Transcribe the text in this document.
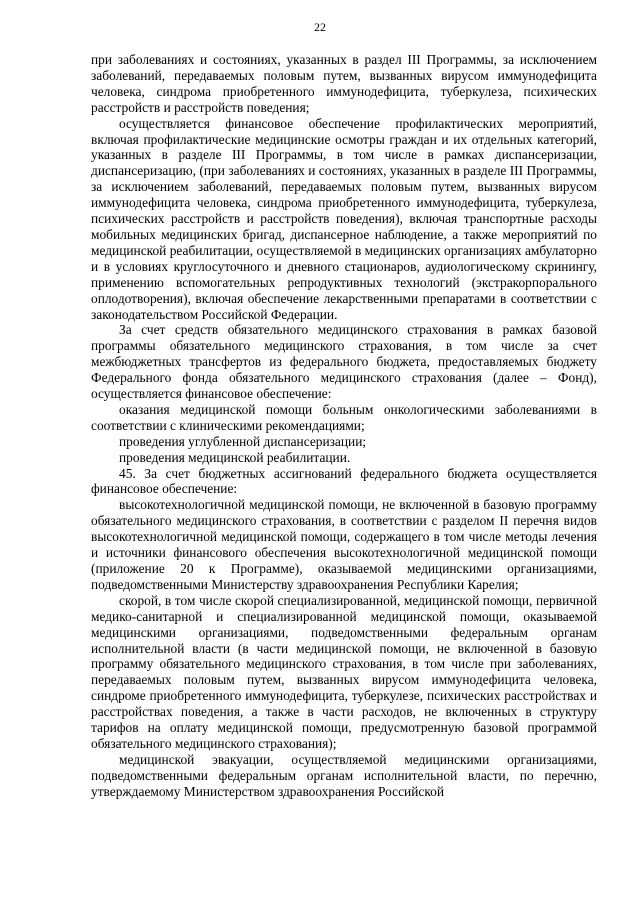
22

при заболеваниях и состояниях, указанных в раздел III Программы, за исключением заболеваний, передаваемых половым путем, вызванных вирусом иммунодефицита человека, синдрома приобретенного иммунодефицита, туберкулеза, психических расстройств и расстройств поведения;

осуществляется финансовое обеспечение профилактических мероприятий, включая профилактические медицинские осмотры граждан и их отдельных категорий, указанных в разделе III Программы, в том числе в рамках диспансеризации, диспансеризацию, (при заболеваниях и состояниях, указанных в разделе III Программы, за исключением заболеваний, передаваемых половым путем, вызванных вирусом иммунодефицита человека, синдрома приобретенного иммунодефицита, туберкулеза, психических расстройств и расстройств поведения), включая транспортные расходы мобильных медицинских бригад, диспансерное наблюдение, а также мероприятий по медицинской реабилитации, осуществляемой в медицинских организациях амбулаторно и в условиях круглосуточного и дневного стационаров, аудиологическому скринингу, применению вспомогательных репродуктивных технологий (экстракорпорального оплодотворения), включая обеспечение лекарственными препаратами в соответствии с законодательством Российской Федерации.

За счет средств обязательного медицинского страхования в рамках базовой программы обязательного медицинского страхования, в том числе за счет межбюджетных трансфертов из федерального бюджета, предоставляемых бюджету Федерального фонда обязательного медицинского страхования (далее – Фонд), осуществляется финансовое обеспечение:

оказания медицинской помощи больным онкологическими заболеваниями в соответствии с клиническими рекомендациями;

проведения углубленной диспансеризации;

проведения медицинской реабилитации.

45. За счет бюджетных ассигнований федерального бюджета осуществляется финансовое обеспечение:

высокотехнологичной медицинской помощи, не включенной в базовую программу обязательного медицинского страхования, в соответствии с разделом II перечня видов высокотехнологичной медицинской помощи, содержащего в том числе методы лечения и источники финансового обеспечения высокотехнологичной медицинской помощи (приложение 20 к Программе), оказываемой медицинскими организациями, подведомственными Министерству здравоохранения Республики Карелия;

скорой, в том числе скорой специализированной, медицинской помощи, первичной медико-санитарной и специализированной медицинской помощи, оказываемой медицинскими организациями, подведомственными федеральным органам исполнительной власти (в части медицинской помощи, не включенной в базовую программу обязательного медицинского страхования, в том числе при заболеваниях, передаваемых половым путем, вызванных вирусом иммунодефицита человека, синдроме приобретенного иммунодефицита, туберкулезе, психических расстройствах и расстройствах поведения, а также в части расходов, не включенных в структуру тарифов на оплату медицинской помощи, предусмотренную базовой программой обязательного медицинского страхования);

медицинской эвакуации, осуществляемой медицинскими организациями, подведомственными федеральным органам исполнительной власти, по перечню, утверждаемому Министерством здравоохранения Российской
